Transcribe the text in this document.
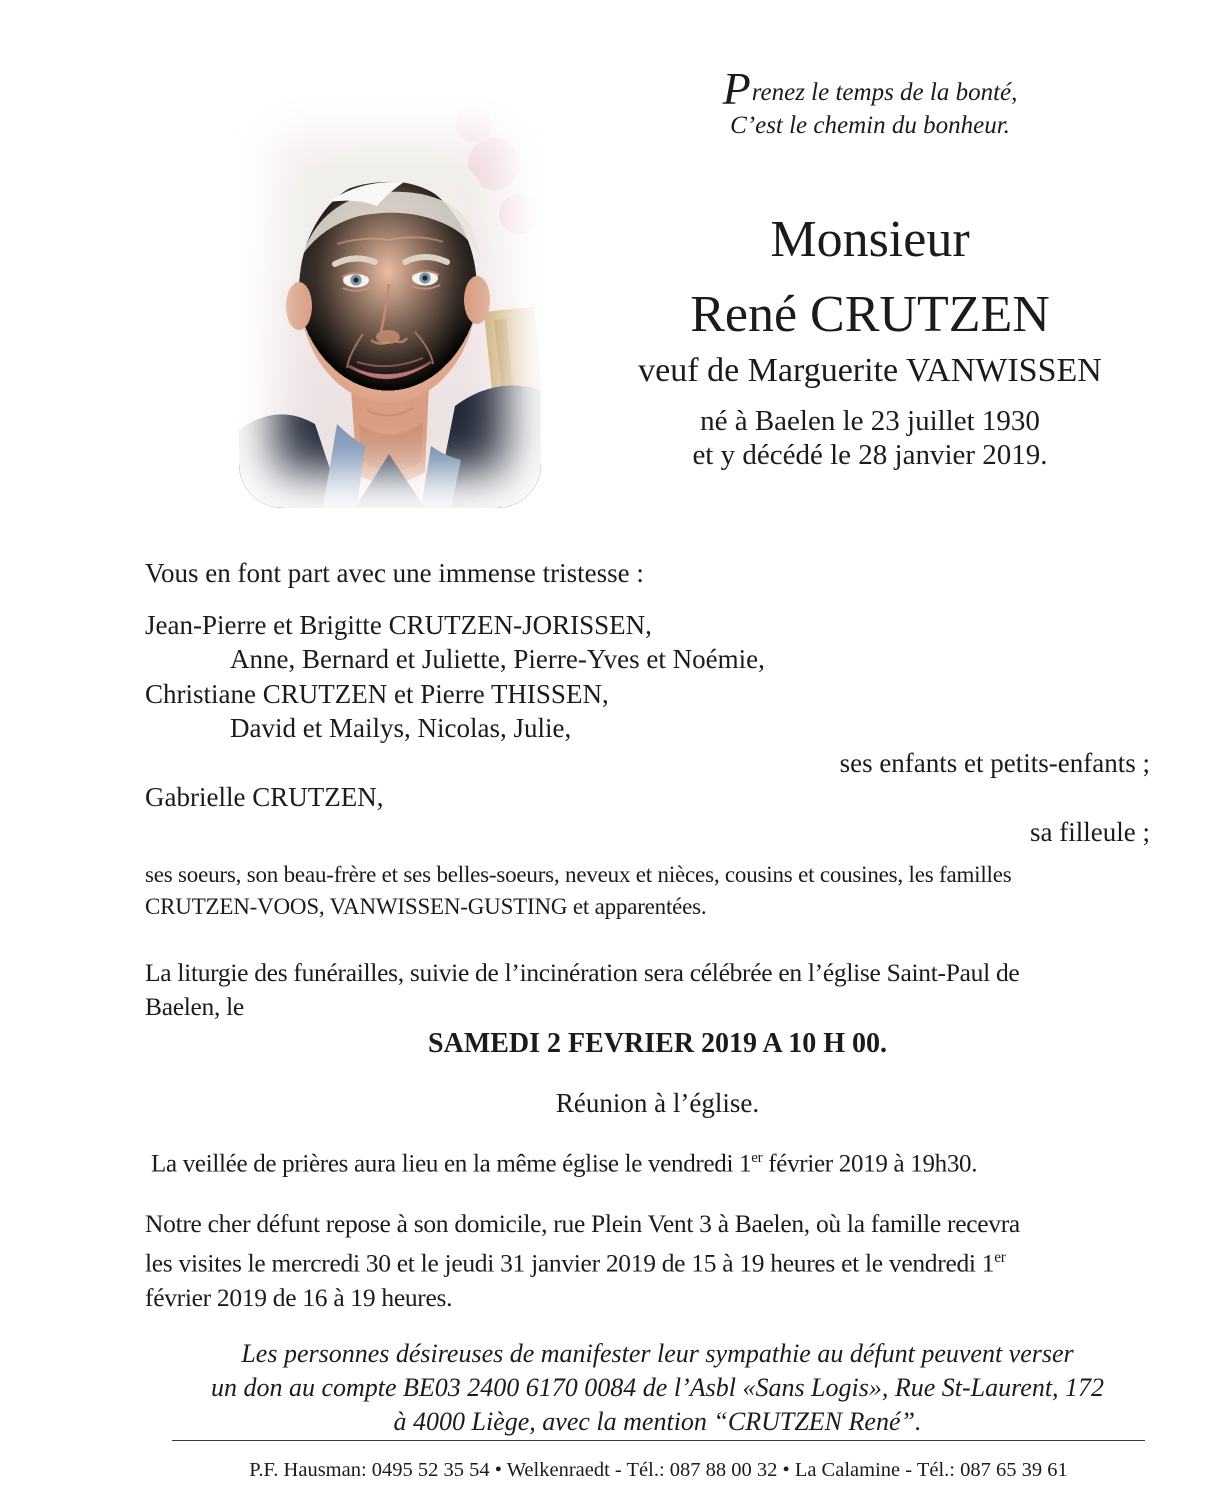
Prenez le temps de la bonté,
C’est le chemin du bonheur.
Monsieur
René CRUTZEN
veuf de Marguerite VANWISSEN
né à Baelen le 23 juillet 1930
et y décédé le 28 janvier 2019.
Vous en font part avec une immense tristesse :
Jean-Pierre et Brigitte CRUTZEN-JORISSEN,
Anne, Bernard et Juliette, Pierre-Yves et Noémie,
Christiane CRUTZEN et Pierre THISSEN,
David et Mailys, Nicolas, Julie,
ses enfants et petits-enfants ;
Gabrielle CRUTZEN,
sa filleule ;
ses soeurs, son beau-frère et ses belles-soeurs, neveux et nièces, cousins et cousines, les familles
CRUTZEN-VOOS, VANWISSEN-GUSTING et apparentées.
La liturgie des funérailles, suivie de l’incinération sera célébrée en l’église Saint-Paul de
Baelen, le
SAMEDI 2 FEVRIER 2019 A 10 H 00.
Réunion à l’église.
La veillée de prières aura lieu en la même église le vendredi 1er février 2019 à 19h30.
Notre cher défunt repose à son domicile, rue Plein Vent 3 à Baelen, où la famille recevra
les visites le mercredi 30 et le jeudi 31 janvier 2019 de 15 à 19 heures et le vendredi 1er
février 2019 de 16 à 19 heures.
Les personnes désireuses de manifester leur sympathie au défunt peuvent verser
un don au compte BE03 2400 6170 0084 de l’Asbl «Sans Logis», Rue St-Laurent, 172
à 4000 Liège, avec la mention “CRUTZEN René”.
P.F. Hausman: 0495 52 35 54 • Welkenraedt - Tél.: 087 88 00 32 • La Calamine - Tél.: 087 65 39 61
